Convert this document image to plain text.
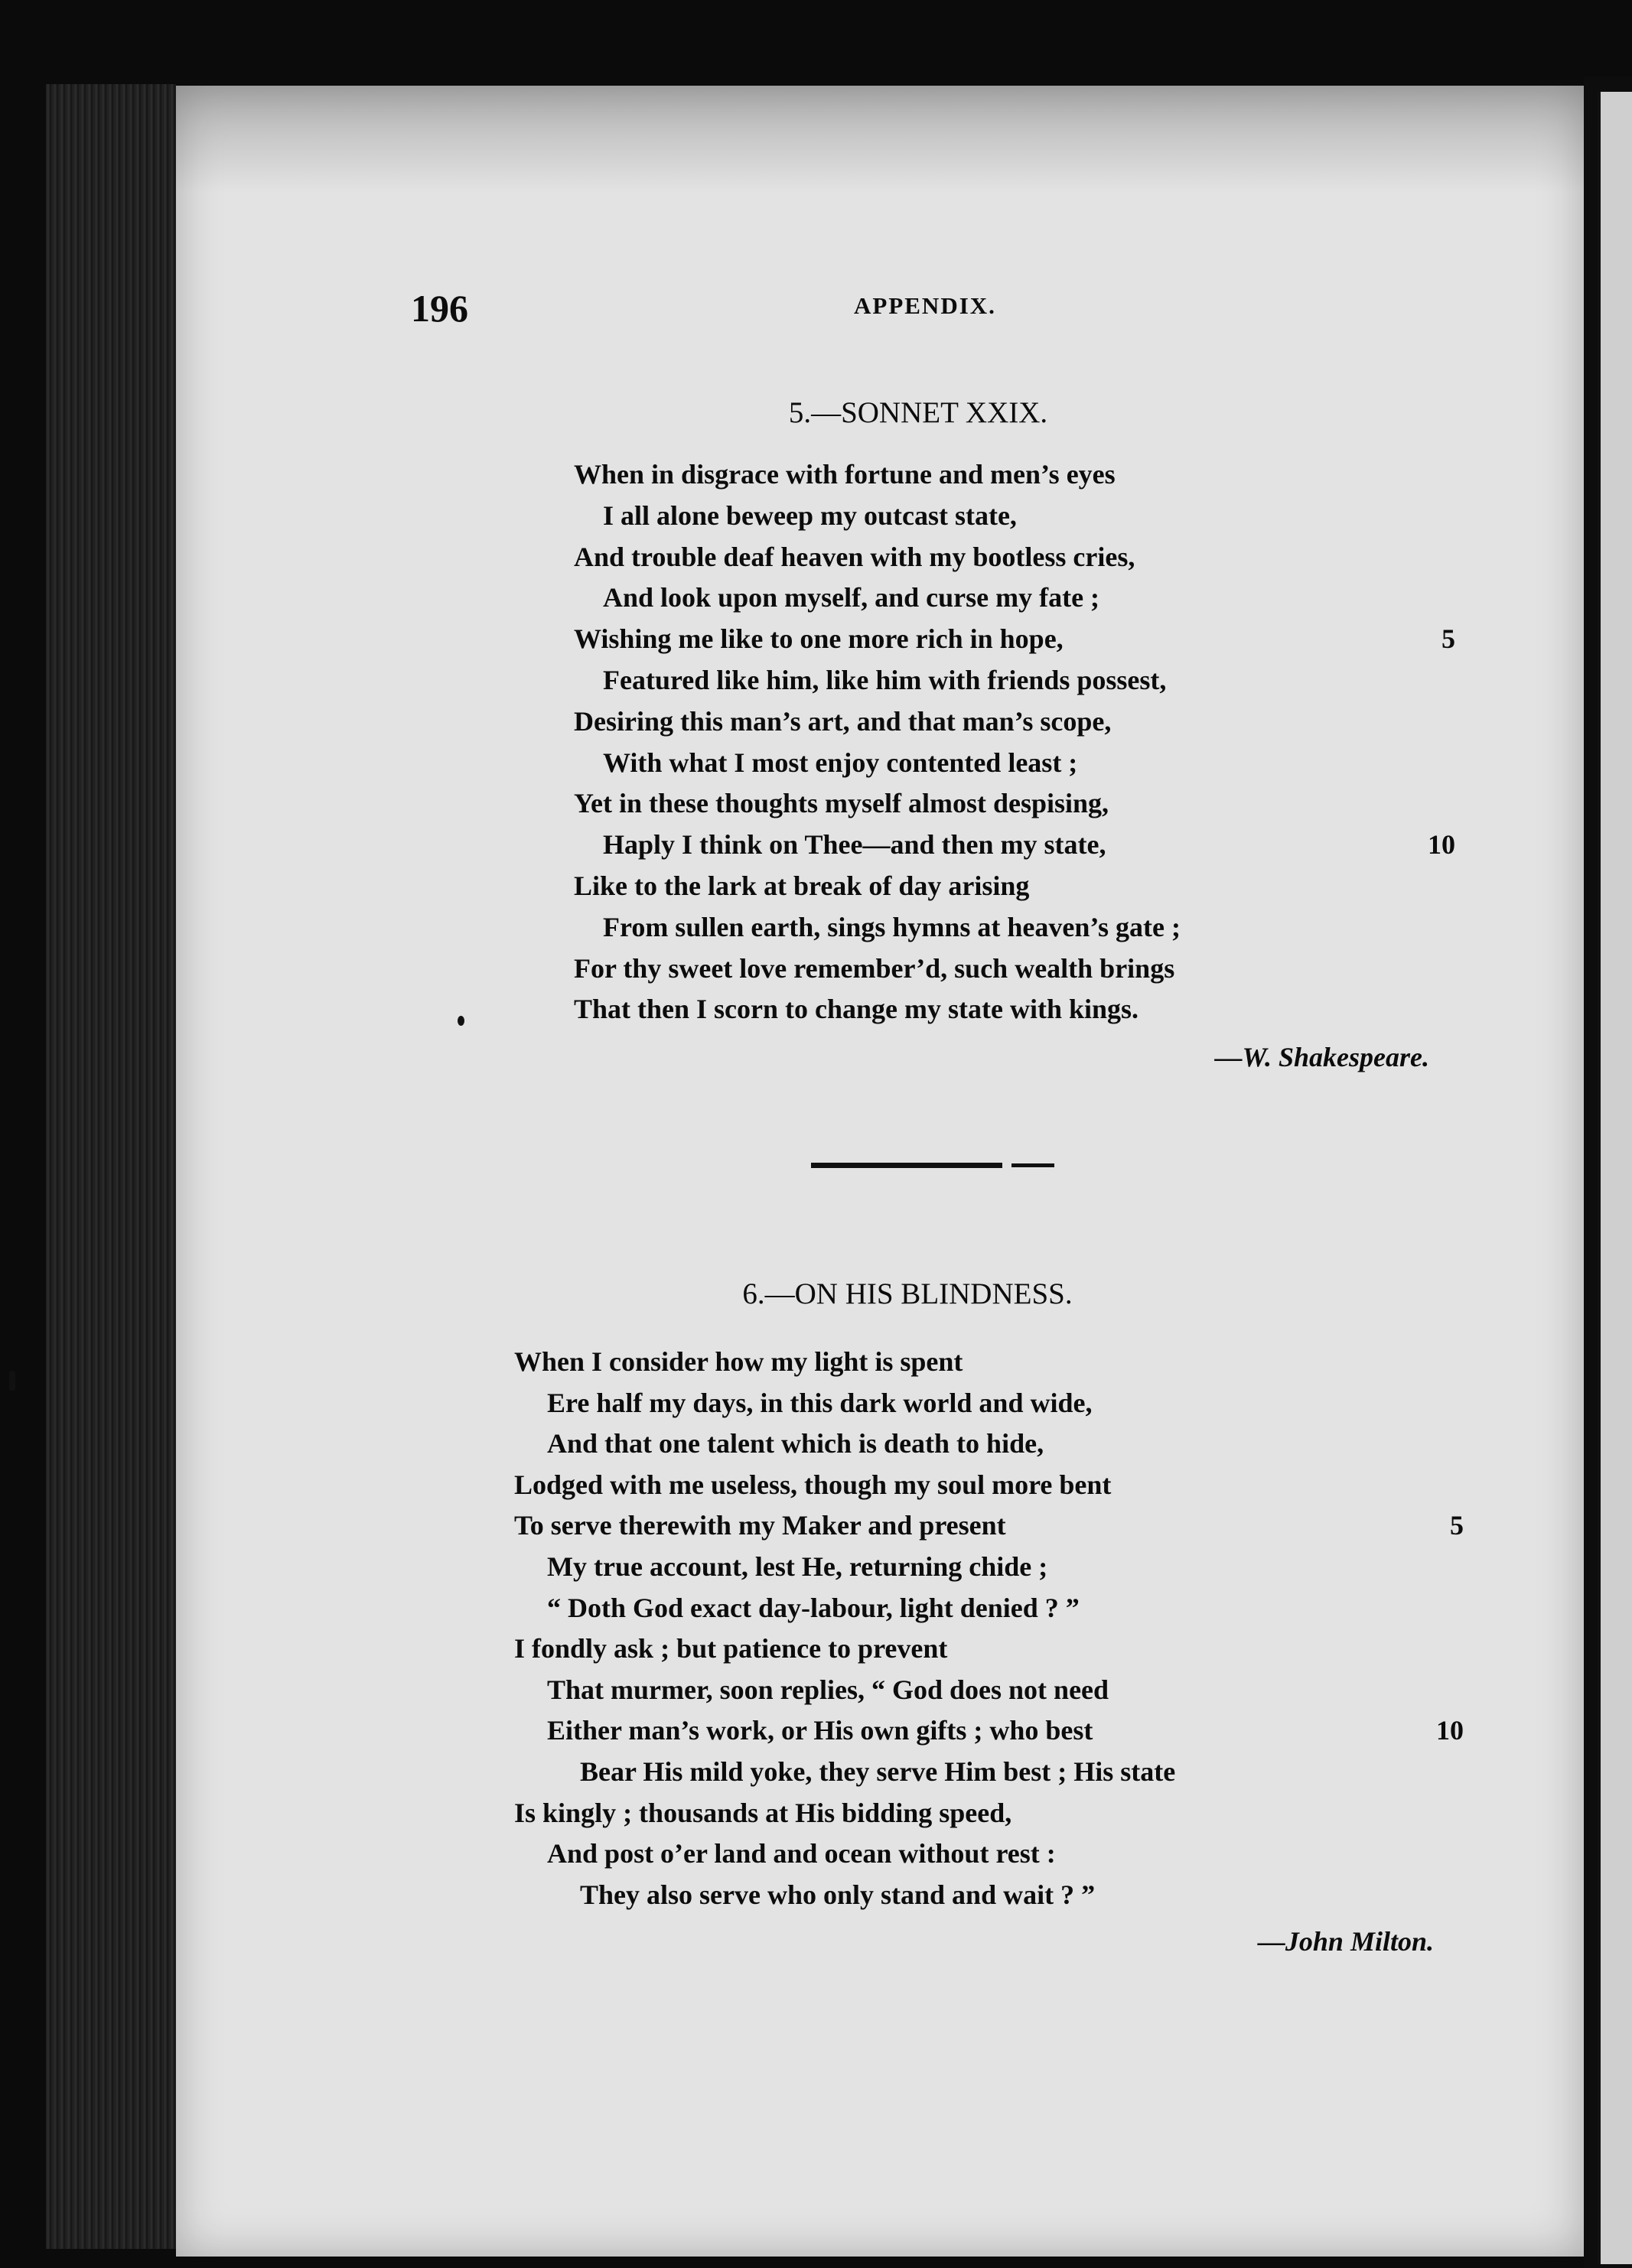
196	APPENDIX.
5.—SONNET XXIX.
When in disgrace with fortune and men’s eyes
I all alone beweep my outcast state,
And trouble deaf heaven with my bootless cries,
And look upon myself, and curse my fate ;
Wishing me like to one more rich in hope,	5
Featured like him, like him with friends possest,
Desiring this man’s art, and that man’s scope,
With what I most enjoy contented least ;
Yet in these thoughts myself almost despising,
Haply I think on Thee—and then my state,	10
Like to the lark at break of day arising
From sullen earth, sings hymns at heaven’s gate ;
For thy sweet love remember’d, such wealth brings
That then I scorn to change my state with kings.
—W. Shakespeare.
6.—ON HIS BLINDNESS.
When I consider how my light is spent
Ere half my days, in this dark world and wide,
And that one talent which is death to hide,
Lodged with me useless, though my soul more bent
To serve therewith my Maker and present	5
My true account, lest He, returning chide ;
“ Doth God exact day-labour, light denied ? ”
I fondly ask ; but patience to prevent
That murmer, soon replies, “ God does not need
Either man’s work, or His own gifts ; who best	10
Bear His mild yoke, they serve Him best ; His state
Is kingly ; thousands at His bidding speed,
And post o’er land and ocean without rest :
They also serve who only stand and wait ? ”
—John Milton.
